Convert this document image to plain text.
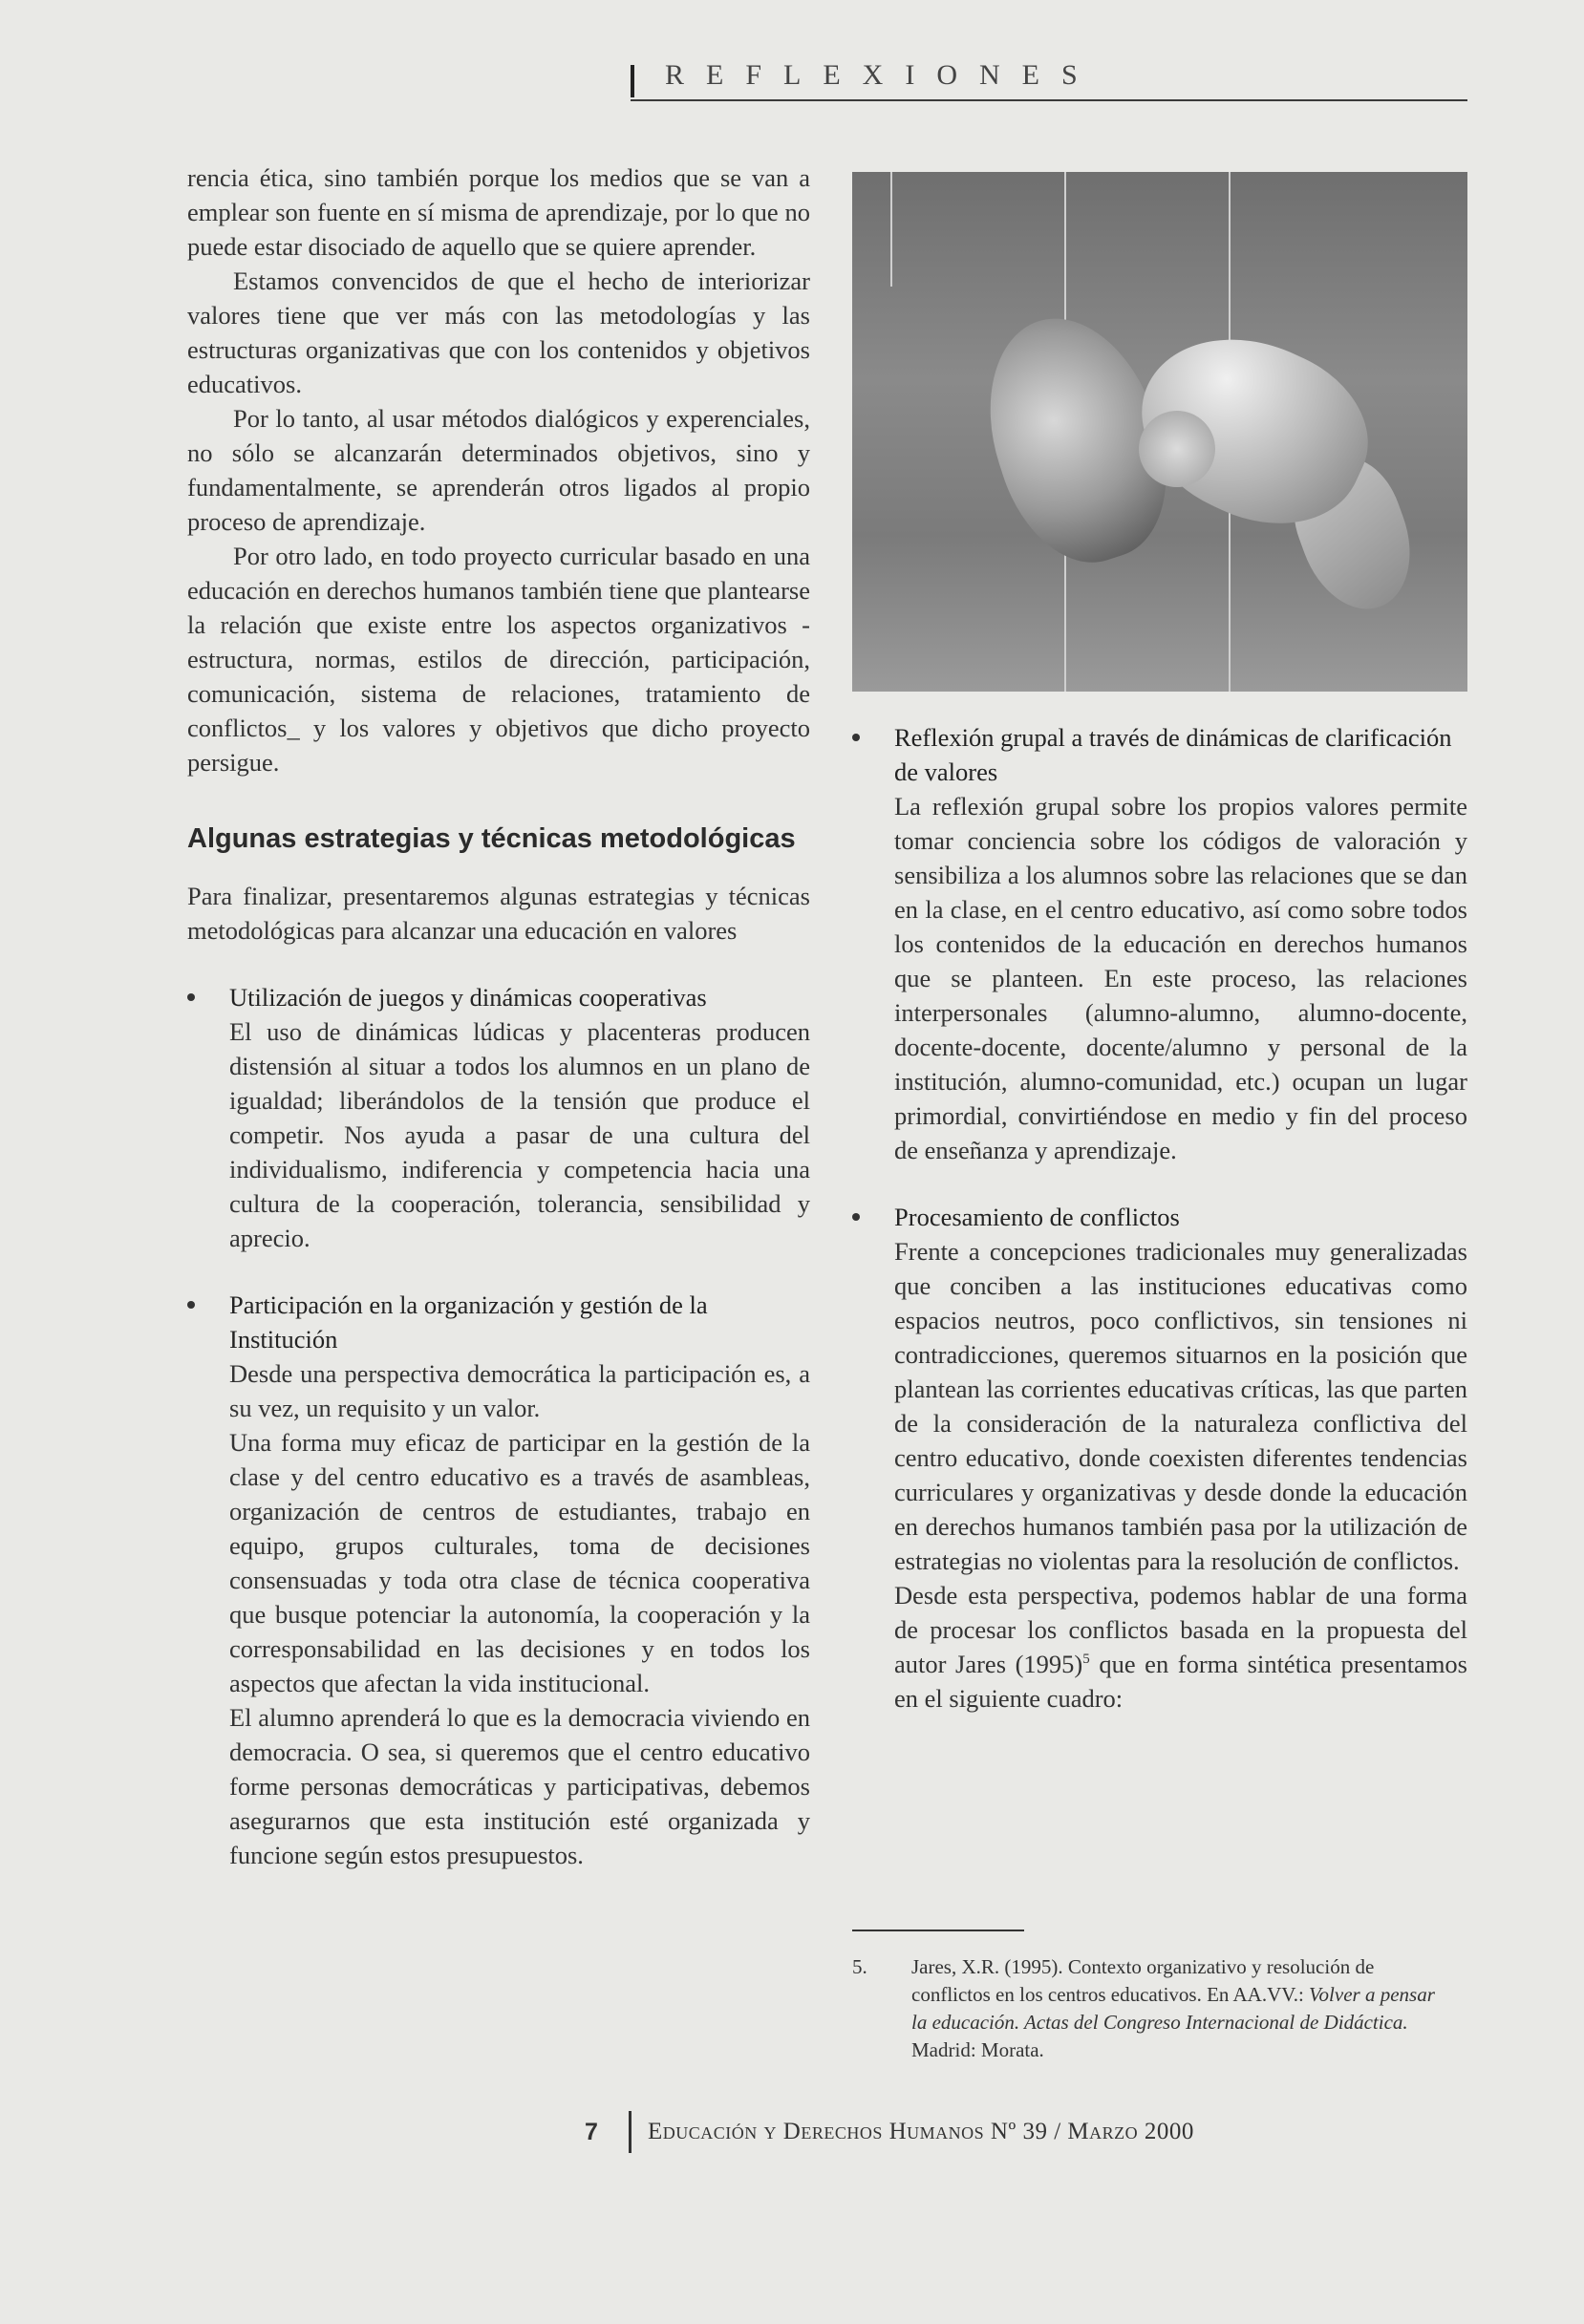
REFLEXIONES

rencia ética, sino también porque los medios que se van a emplear son fuente en sí misma de aprendizaje, por lo que no puede estar disociado de aquello que se quiere aprender.

Estamos convencidos de que el hecho de interiorizar valores tiene que ver más con las metodologías y las estructuras organizativas que con los contenidos y objetivos educativos.

Por lo tanto, al usar métodos dialógicos y experenciales, no sólo se alcanzarán determinados objetivos, sino y fundamentalmente, se aprenderán otros ligados al propio proceso de aprendizaje.

Por otro lado, en todo proyecto curricular basado en una educación en derechos humanos también tiene que plantearse la relación que existe entre los aspectos organizativos -estructura, normas, estilos de dirección, participación, comunicación, sistema de relaciones, tratamiento de conflictos_ y los valores y objetivos que dicho proyecto persigue.

Algunas estrategias y técnicas metodológicas

Para finalizar, presentaremos algunas estrategias y técnicas metodológicas para alcanzar una educación en valores

Utilización de juegos y dinámicas cooperativas

El uso de dinámicas lúdicas y placenteras producen distensión al situar a todos los alumnos en un plano de igualdad; liberándolos de la tensión que produce el competir. Nos ayuda a pasar de una cultura del individualismo, indiferencia y competencia hacia una cultura de la cooperación, tolerancia, sensibilidad y aprecio.

Participación en la organización y gestión de la Institución

Desde una perspectiva democrática la participación es, a su vez, un requisito y un valor.

Una forma muy eficaz de participar en la gestión de la clase y del centro educativo es a través de asambleas, organización de centros de estudiantes, trabajo en equipo, grupos culturales, toma de decisiones consensuadas y toda otra clase de técnica cooperativa que busque potenciar la autonomía, la cooperación y la corresponsabilidad en las decisiones y en todos los aspectos que afectan la vida institucional.

El alumno aprenderá lo que es la democracia viviendo en democracia. O sea, si queremos que el centro educativo forme personas democráticas y participativas, debemos asegurarnos que esta institución esté organizada y funcione según estos presupuestos.

Reflexión grupal a través de dinámicas de clarificación de valores

La reflexión grupal sobre los propios valores permite tomar conciencia sobre los códigos de valoración y sensibiliza a los alumnos sobre las relaciones que se dan en la clase, en el centro educativo, así como sobre todos los contenidos de la educación en derechos humanos que se planteen. En este proceso, las relaciones interpersonales (alumno-alumno, alumno-docente, docente-docente, docente/alumno y personal de la institución, alumno-comunidad, etc.) ocupan un lugar primordial, convirtiéndose en medio y fin del proceso de enseñanza y aprendizaje.

Procesamiento de conflictos

Frente a concepciones tradicionales muy generalizadas que conciben a las instituciones educativas como espacios neutros, poco conflictivos, sin tensiones ni contradicciones, queremos situarnos en la posición que plantean las corrientes educativas críticas, las que parten de la consideración de la naturaleza conflictiva del centro educativo, donde coexisten diferentes tendencias curriculares y organizativas y desde donde la educación en derechos humanos también pasa por la utilización de estrategias no violentas para la resolución de conflictos.

Desde esta perspectiva, podemos hablar de una forma de procesar los conflictos basada en la propuesta del autor Jares $(1995)^5$ que en forma sintética presentamos en el siguiente cuadro:

5.	Jares, X.R. (1995). Contexto organizativo y resolución de conflictos en los centros educativos. En AA.VV.: Volver a pensar la educación. Actas del Congreso Internacional de Didáctica. Madrid: Morata.
7 Educación y Derechos Humanos Nº 39 / Marzo 2000
